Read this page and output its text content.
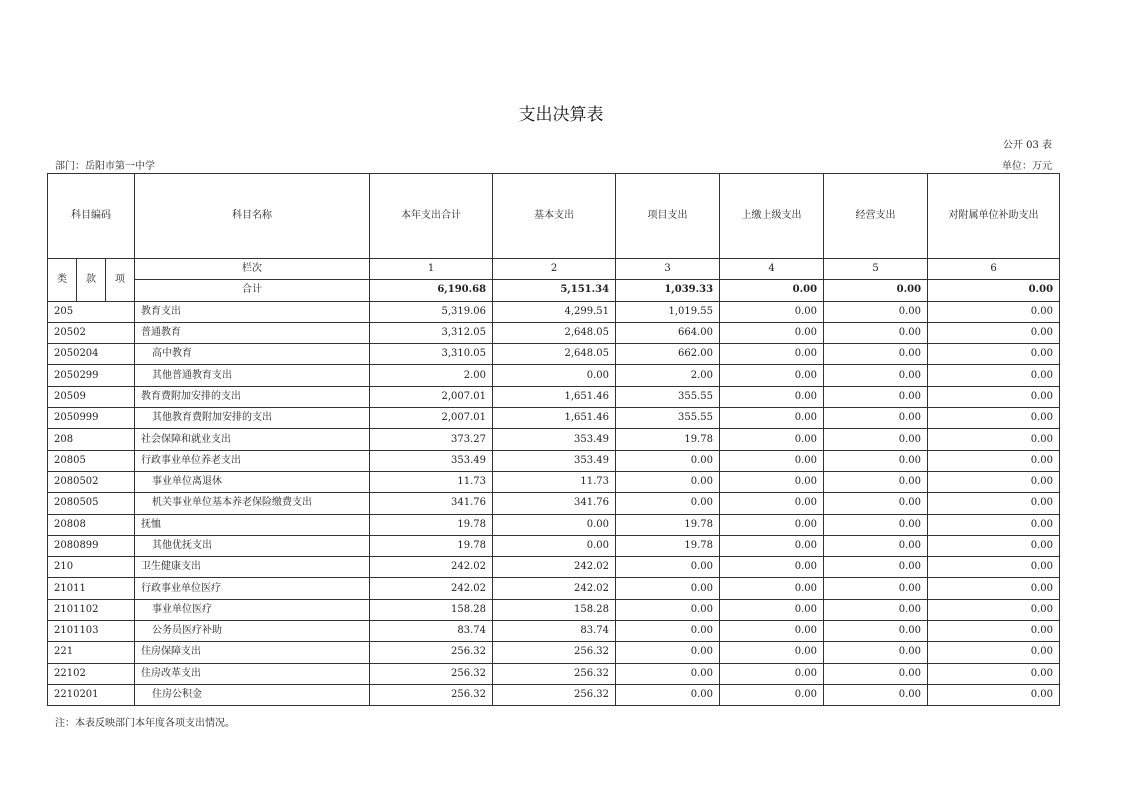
支出决算表
公开 03 表
部门：岳阳市第一中学	单位：万元
科目编码			科目名称	本年支出合计	基本支出	项目支出	上缴上级支出	经营支出	对附属单位补助支出
类	款	项	栏次	1	2	3	4	5	6
			合计	6,190.68	5,151.34	1,039.33	0.00	0.00	0.00
205			教育支出	5,319.06	4,299.51	1,019.55	0.00	0.00	0.00
20502			普通教育	3,312.05	2,648.05	664.00	0.00	0.00	0.00
2050204			高中教育	3,310.05	2,648.05	662.00	0.00	0.00	0.00
2050299			其他普通教育支出	2.00	0.00	2.00	0.00	0.00	0.00
20509			教育费附加安排的支出	2,007.01	1,651.46	355.55	0.00	0.00	0.00
2050999			其他教育费附加安排的支出	2,007.01	1,651.46	355.55	0.00	0.00	0.00
208			社会保障和就业支出	373.27	353.49	19.78	0.00	0.00	0.00
20805			行政事业单位养老支出	353.49	353.49	0.00	0.00	0.00	0.00
2080502			事业单位离退休	11.73	11.73	0.00	0.00	0.00	0.00
2080505			机关事业单位基本养老保险缴费支出	341.76	341.76	0.00	0.00	0.00	0.00
20808			抚恤	19.78	0.00	19.78	0.00	0.00	0.00
2080899			其他优抚支出	19.78	0.00	19.78	0.00	0.00	0.00
210			卫生健康支出	242.02	242.02	0.00	0.00	0.00	0.00
21011			行政事业单位医疗	242.02	242.02	0.00	0.00	0.00	0.00
2101102			事业单位医疗	158.28	158.28	0.00	0.00	0.00	0.00
2101103			公务员医疗补助	83.74	83.74	0.00	0.00	0.00	0.00
221			住房保障支出	256.32	256.32	0.00	0.00	0.00	0.00
22102			住房改革支出	256.32	256.32	0.00	0.00	0.00	0.00
2210201			住房公积金	256.32	256.32	0.00	0.00	0.00	0.00
注：本表反映部门本年度各项支出情况。
